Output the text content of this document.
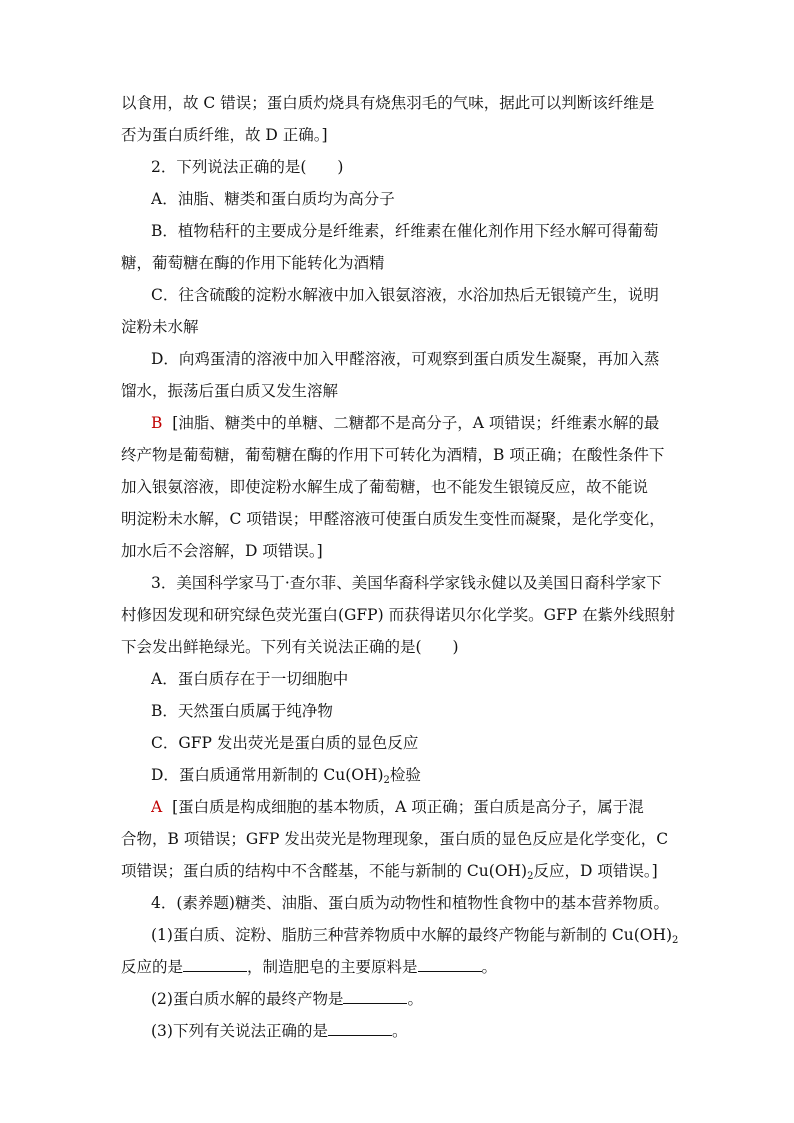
以食用，故 C 错误；蛋白质灼烧具有烧焦羽毛的气味，据此可以判断该纤维是
否为蛋白质纤维，故 D 正确。]
2．下列说法正确的是(　　)
A．油脂、糖类和蛋白质均为高分子
B．植物秸秆的主要成分是纤维素，纤维素在催化剂作用下经水解可得葡萄
糖，葡萄糖在酶的作用下能转化为酒精
C．往含硫酸的淀粉水解液中加入银氨溶液，水浴加热后无银镜产生，说明
淀粉未水解
D．向鸡蛋清的溶液中加入甲醛溶液，可观察到蛋白质发生凝聚，再加入蒸
馏水，振荡后蛋白质又发生溶解
B [油脂、糖类中的单糖、二糖都不是高分子，A 项错误；纤维素水解的最
终产物是葡萄糖，葡萄糖在酶的作用下可转化为酒精，B 项正确；在酸性条件下
加入银氨溶液，即使淀粉水解生成了葡萄糖，也不能发生银镜反应，故不能说
明淀粉未水解，C 项错误；甲醛溶液可使蛋白质发生变性而凝聚，是化学变化，
加水后不会溶解，D 项错误。]
3．美国科学家马丁·查尔菲、美国华裔科学家钱永健以及美国日裔科学家下
村修因发现和研究绿色荧光蛋白(GFP) 而获得诺贝尔化学奖。GFP 在紫外线照射
下会发出鲜艳绿光。下列有关说法正确的是(　　)
A．蛋白质存在于一切细胞中
B．天然蛋白质属于纯净物
C．GFP 发出荧光是蛋白质的显色反应
D．蛋白质通常用新制的 $Cu(OH)_2$检验
A [蛋白质是构成细胞的基本物质，A 项正确；蛋白质是高分子，属于混
合物，B 项错误；GFP 发出荧光是物理现象，蛋白质的显色反应是化学变化，C
项错误；蛋白质的结构中不含醛基，不能与新制的 $Cu(OH)_2$反应，D 项错误。]
4．(素养题)糖类、油脂、蛋白质为动物性和植物性食物中的基本营养物质。
(1)蛋白质、淀粉、脂肪三种营养物质中水解的最终产物能与新制的 $Cu(OH)_2$
反应的是	，制造肥皂的主要原料是	。
(2)蛋白质水解的最终产物是	。
(3)下列有关说法正确的是	。
